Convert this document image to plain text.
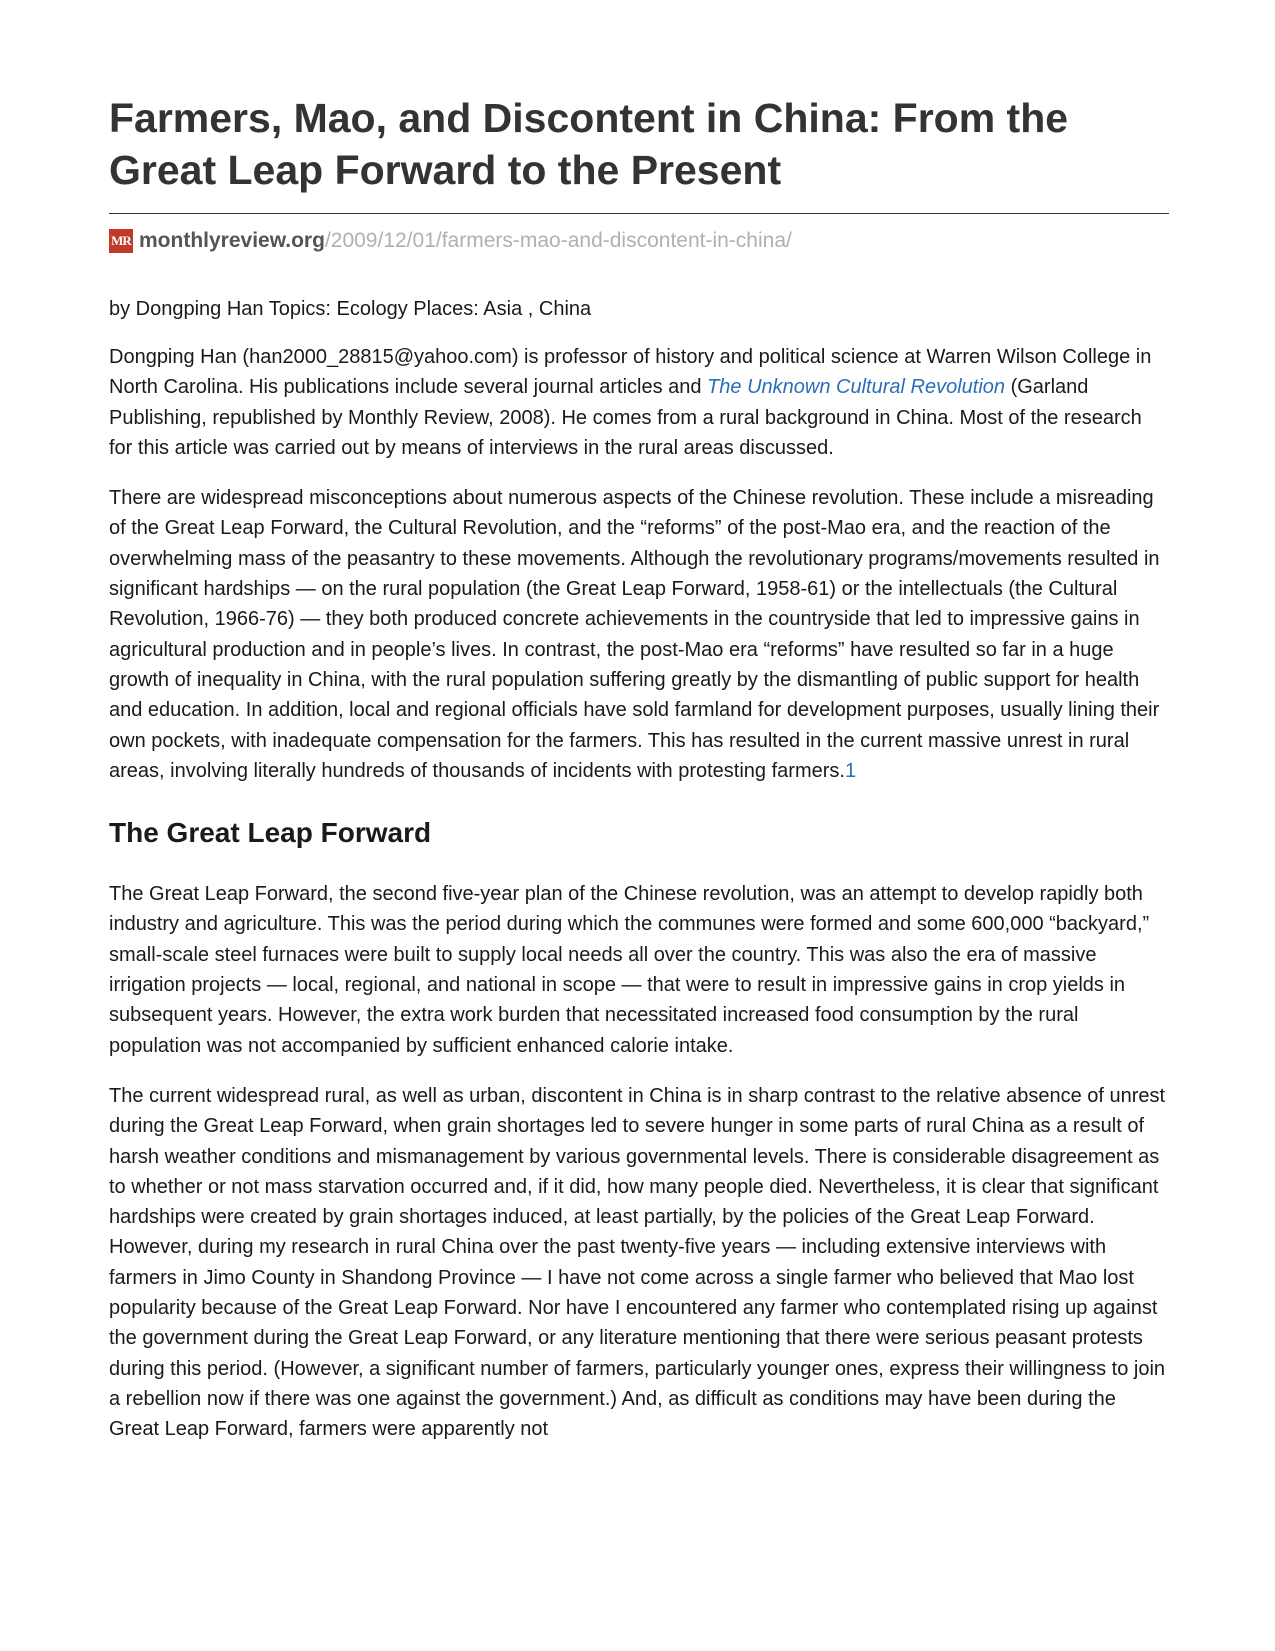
Farmers, Mao, and Discontent in China: From the Great Leap Forward to the Present
MR monthlyreview.org /2009/12/01/farmers-mao-and-discontent-in-china/
by Dongping Han Topics: Ecology Places: Asia , China

Dongping Han (han2000_28815@yahoo.com) is professor of history and political science at Warren Wilson College in North Carolina. His publications include several journal articles and The Unknown Cultural Revolution (Garland Publishing, republished by Monthly Review, 2008). He comes from a rural background in China. Most of the research for this article was carried out by means of interviews in the rural areas discussed.

There are widespread misconceptions about numerous aspects of the Chinese revolution. These include a misreading of the Great Leap Forward, the Cultural Revolution, and the “reforms” of the post-Mao era, and the reaction of the overwhelming mass of the peasantry to these movements. Although the revolutionary programs/movements resulted in significant hardships — on the rural population (the Great Leap Forward, 1958-61) or the intellectuals (the Cultural Revolution, 1966-76) — they both produced concrete achievements in the countryside that led to impressive gains in agricultural production and in people’s lives. In contrast, the post-Mao era “reforms” have resulted so far in a huge growth of inequality in China, with the rural population suffering greatly by the dismantling of public support for health and education. In addition, local and regional officials have sold farmland for development purposes, usually lining their own pockets, with inadequate compensation for the farmers. This has resulted in the current massive unrest in rural areas, involving literally hundreds of thousands of incidents with protesting farmers.1

The Great Leap Forward

The Great Leap Forward, the second five-year plan of the Chinese revolution, was an attempt to develop rapidly both industry and agriculture. This was the period during which the communes were formed and some 600,000 “backyard,” small-scale steel furnaces were built to supply local needs all over the country. This was also the era of massive irrigation projects — local, regional, and national in scope — that were to result in impressive gains in crop yields in subsequent years. However, the extra work burden that necessitated increased food consumption by the rural population was not accompanied by sufficient enhanced calorie intake.

The current widespread rural, as well as urban, discontent in China is in sharp contrast to the relative absence of unrest during the Great Leap Forward, when grain shortages led to severe hunger in some parts of rural China as a result of harsh weather conditions and mismanagement by various governmental levels. There is considerable disagreement as to whether or not mass starvation occurred and, if it did, how many people died. Nevertheless, it is clear that significant hardships were created by grain shortages induced, at least partially, by the policies of the Great Leap Forward. However, during my research in rural China over the past twenty-five years — including extensive interviews with farmers in Jimo County in Shandong Province — I have not come across a single farmer who believed that Mao lost popularity because of the Great Leap Forward. Nor have I encountered any farmer who contemplated rising up against the government during the Great Leap Forward, or any literature mentioning that there were serious peasant protests during this period. (However, a significant number of farmers, particularly younger ones, express their willingness to join a rebellion now if there was one against the government.) And, as difficult as conditions may have been during the Great Leap Forward, farmers were apparently not
